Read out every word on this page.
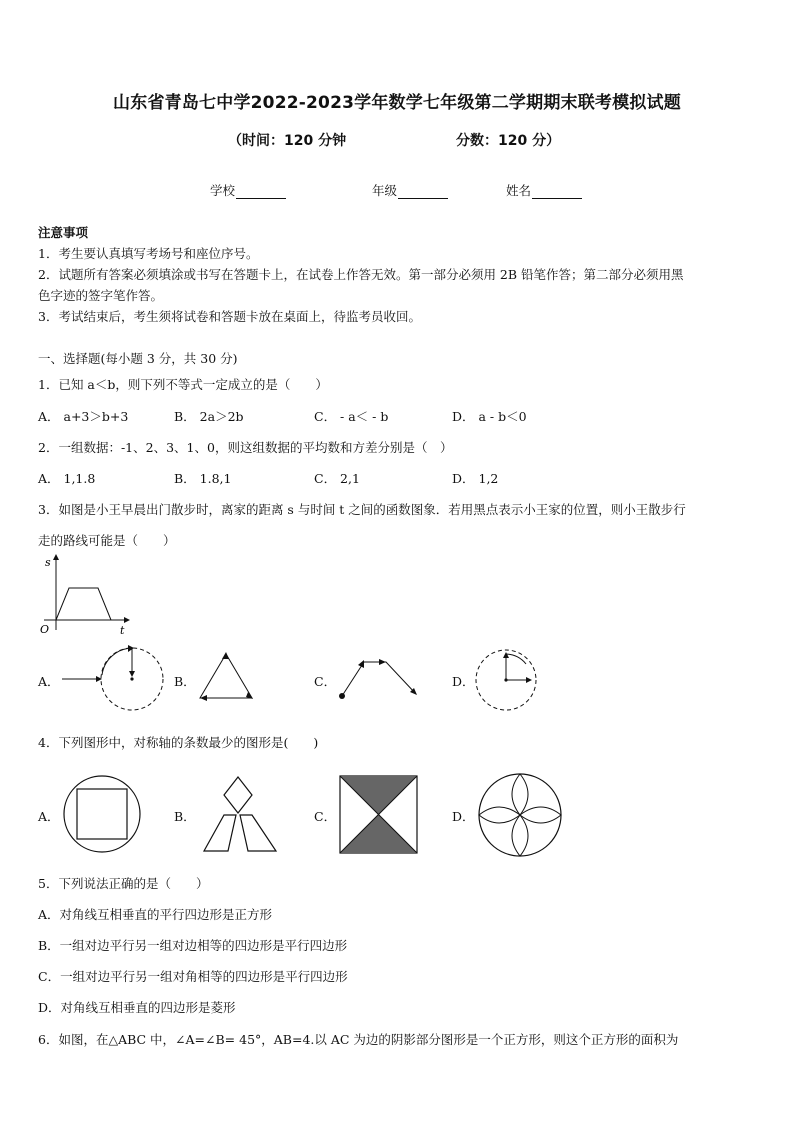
山东省青岛七中学2022-2023学年数学七年级第二学期期末联考模拟试题
（时间：120 分钟	分数：120 分）
学校	年级	姓名
注意事项
1．考生要认真填写考场号和座位序号。
2．试题所有答案必须填涂或书写在答题卡上，在试卷上作答无效。第一部分必须用 2B 铅笔作答；第二部分必须用黑
色字迹的签字笔作答。
3．考试结束后，考生须将试卷和答题卡放在桌面上，待监考员收回。
一、选择题(每小题 3 分，共 30 分)
1．已知 a＜b，则下列不等式一定成立的是（　　）
A． a+3＞b+3	B． 2a＞2b	C． - a＜ - b	D． a - b＜0
2．一组数据：-1、2、3、1、0，则这组数据的平均数和方差分别是（　）
A． 1,1.8	B． 1.8,1	C． 2,1	D． 1,2
3．如图是小王早晨出门散步时，离家的距离 s 与时间 t 之间的函数图象．若用黑点表示小王家的位置，则小王散步行
走的路线可能是（　　）
s
O	t
A．	B．	C．	D．
4．下列图形中，对称轴的条数最少的图形是(　　)
A．	B．	C．	D．
5．下列说法正确的是（　　）
A．对角线互相垂直的平行四边形是正方形
B．一组对边平行另一组对边相等的四边形是平行四边形
C．一组对边平行另一组对角相等的四边形是平行四边形
D．对角线互相垂直的四边形是菱形
6．如图，在△ABC 中，∠A=∠B= 45°，AB=4.以 AC 为边的阴影部分图形是一个正方形，则这个正方形的面积为
